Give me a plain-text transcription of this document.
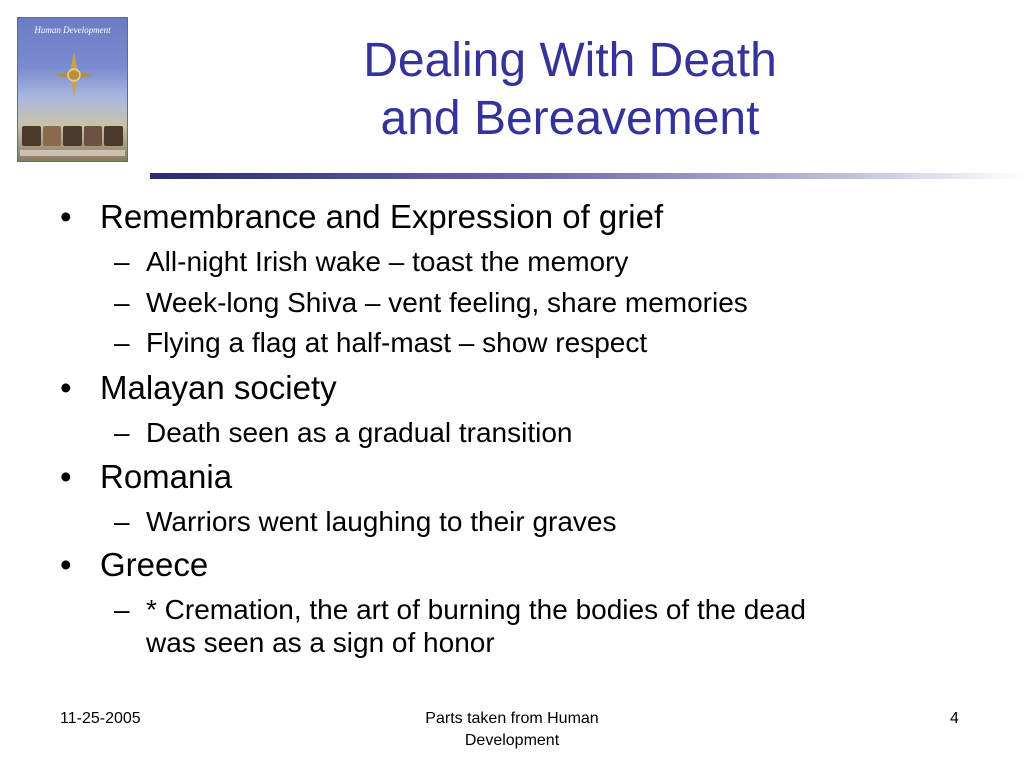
Human Development
Dealing With Death
and Bereavement
• Remembrance and Expression of grief
– All-night Irish wake – toast the memory
– Week-long Shiva – vent feeling, share memories
– Flying a flag at half-mast – show respect
• Malayan society
– Death seen as a gradual transition
• Romania
– Warriors went laughing to their graves
• Greece
– * Cremation, the art of burning the bodies of the dead
was seen as a sign of honor
11-25-2005	Parts taken from Human
Development
4
